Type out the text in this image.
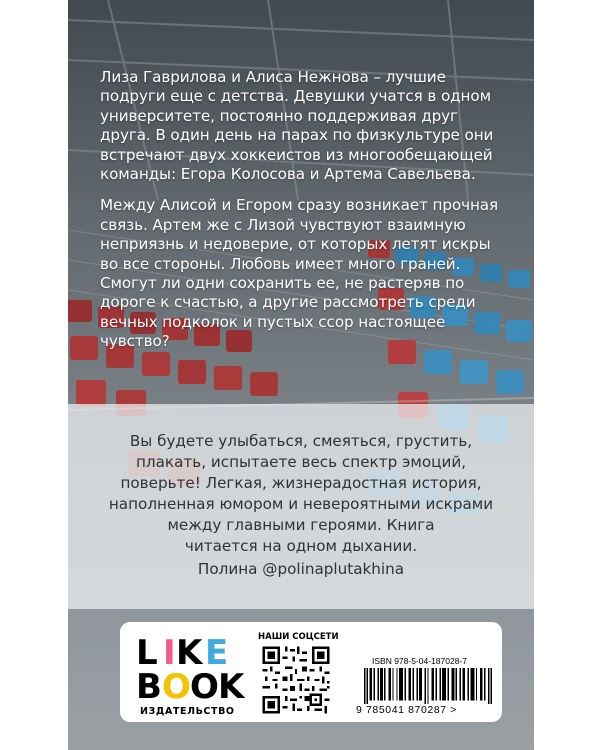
Лиза Гаврилова и Алиса Нежнова – лучшие
подруги еще с детства. Девушки учатся в одном
университете, постоянно поддерживая друг
друга. В один день на парах по физкультуре они
встречают двух хоккеистов из многообещающей
команды: Егора Колосова и Артема Савельева.

Между Алисой и Егором сразу возникает прочная
связь. Артем же с Лизой чувствуют взаимную
неприязнь и недоверие, от которых летят искры
во все стороны. Любовь имеет много граней.
Смогут ли одни сохранить ее, не растеряв по
дороге к счастью, а другие рассмотреть среди
вечных подколок и пустых ссор настоящее
чувство?

Вы будете улыбаться, смеяться, грустить,

плакать, испытаете весь спектр эмоций,

поверьте! Легкая, жизнерадостная история,

наполненная юмором и невероятными искрами

между главными героями. Книга

читается на одном дыхании.

Полина @polinaplutakhina
L I K E
B O O K
ИЗДАТЕЛЬСТВО
НАШИ СОЦСЕТИ
ISBN 978-5-04-187028-7
9 785041 870287 >
